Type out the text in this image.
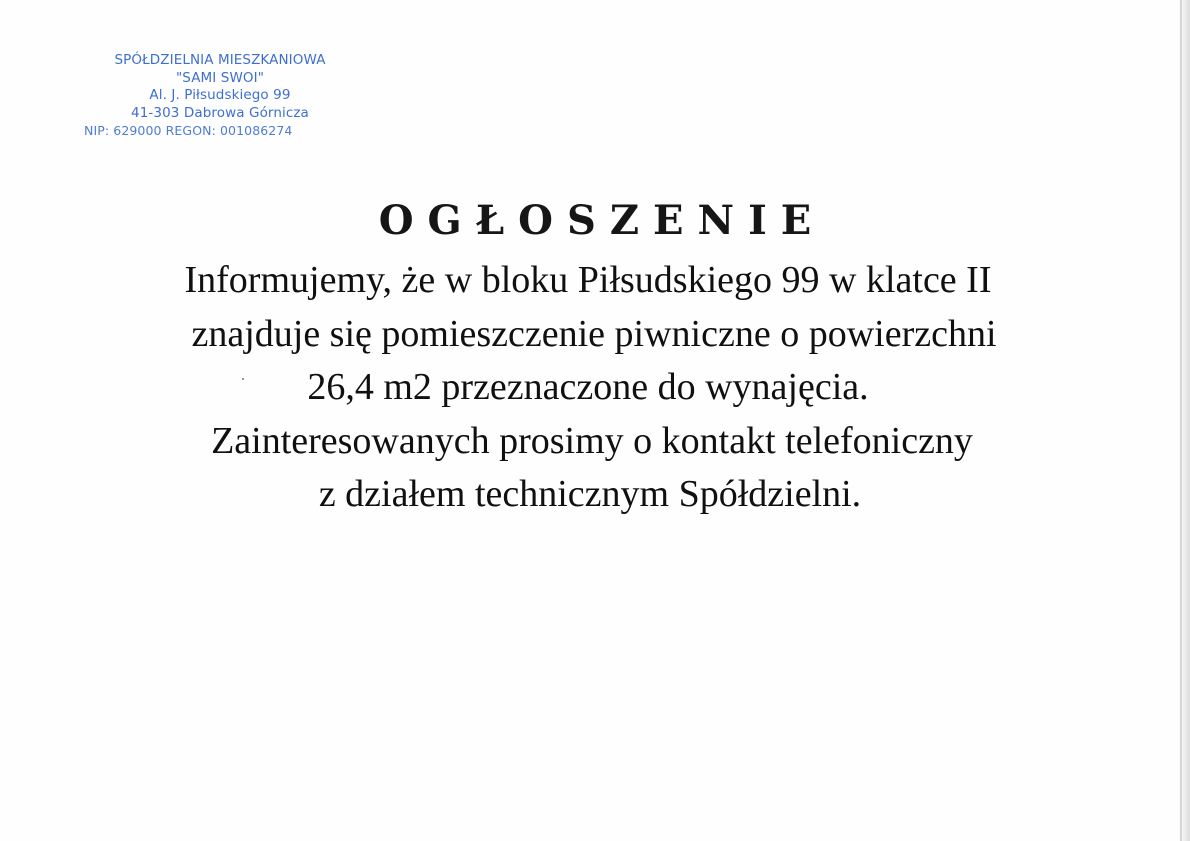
SPÓŁDZIELNIA MIESZKANIOWA
"SAMI SWOI"
Al. J. Piłsudskiego 99
41-303 Dabrowa Górnicza
NIP: 629000 REGON: 001086274
OGŁOSZENIE
Informujemy, że w bloku Piłsudskiego 99 w klatce II
znajduje się pomieszczenie piwniczne o powierzchni
26,4 m2 przeznaczone do wynajęcia.
Zainteresowanych prosimy o kontakt telefoniczny
z działem technicznym Spółdzielni.
